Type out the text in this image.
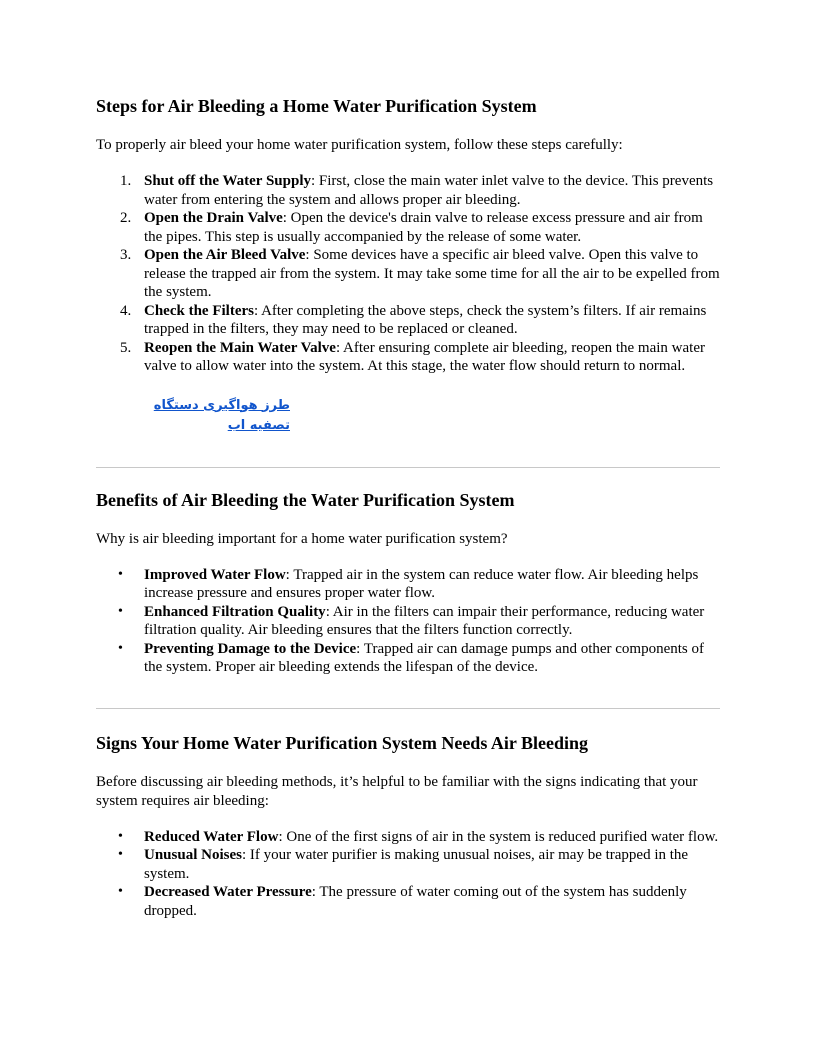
Steps for Air Bleeding a Home Water Purification System

To properly air bleed your home water purification system, follow these steps carefully:

1. Shut off the Water Supply: First, close the main water inlet valve to the device. This prevents water from entering the system and allows proper air bleeding.
2. Open the Drain Valve: Open the device's drain valve to release excess pressure and air from the pipes. This step is usually accompanied by the release of some water.
3. Open the Air Bleed Valve: Some devices have a specific air bleed valve. Open this valve to release the trapped air from the system. It may take some time for all the air to be expelled from the system.
4. Check the Filters: After completing the above steps, check the system’s filters. If air remains trapped in the filters, they may need to be replaced or cleaned.
5. Reopen the Main Water Valve: After ensuring complete air bleeding, reopen the main water valve to allow water into the system. At this stage, the water flow should return to normal.
طرز هواگیری دستگاه تصفیه اب
Benefits of Air Bleeding the Water Purification System

Why is air bleeding important for a home water purification system?

• Improved Water Flow: Trapped air in the system can reduce water flow. Air bleeding helps increase pressure and ensures proper water flow.
• Enhanced Filtration Quality: Air in the filters can impair their performance, reducing water filtration quality. Air bleeding ensures that the filters function correctly.
• Preventing Damage to the Device: Trapped air can damage pumps and other components of the system. Proper air bleeding extends the lifespan of the device.
Signs Your Home Water Purification System Needs Air Bleeding

Before discussing air bleeding methods, it’s helpful to be familiar with the signs indicating that your system requires air bleeding:

• Reduced Water Flow: One of the first signs of air in the system is reduced purified water flow.
• Unusual Noises: If your water purifier is making unusual noises, air may be trapped in the system.
• Decreased Water Pressure: The pressure of water coming out of the system has suddenly dropped.
